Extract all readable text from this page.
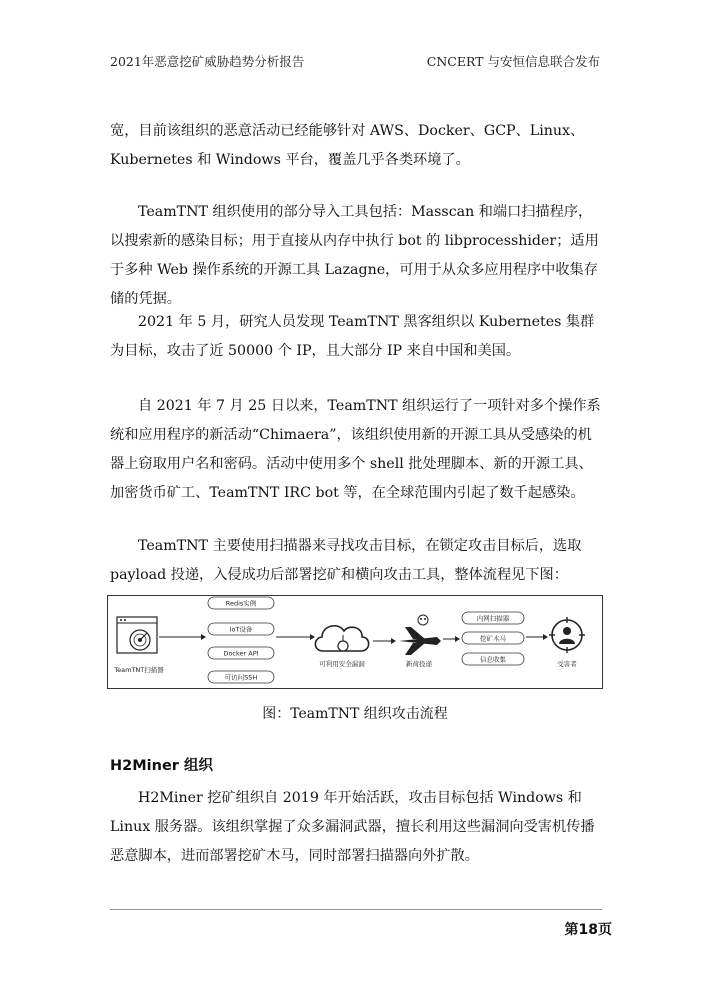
2021年恶意挖矿威胁趋势分析报告	CNCERT 与安恒信息联合发布

宽，目前该组织的恶意活动已经能够针对 AWS、Docker、GCP、Linux、Kubernetes 和 Windows 平台，覆盖几乎各类环境了。

TeamTNT 组织使用的部分导入工具包括：Masscan 和端口扫描程序，以搜索新的感染目标；用于直接从内存中执行 bot 的 libprocesshider；适用于多种 Web 操作系统的开源工具 Lazagne，可用于从众多应用程序中收集存储的凭据。

2021 年 5 月，研究人员发现 TeamTNT 黑客组织以 Kubernetes 集群为目标，攻击了近 50000 个 IP，且大部分 IP 来自中国和美国。

自 2021 年 7 月 25 日以来，TeamTNT 组织运行了一项针对多个操作系统和应用程序的新活动“Chimaera”，该组织使用新的开源工具从受感染的机器上窃取用户名和密码。活动中使用多个 shell 批处理脚本、新的开源工具、加密货币矿工、TeamTNT IRC bot 等，在全球范围内引起了数千起感染。

TeamTNT 主要使用扫描器来寻找攻击目标，在锁定攻击目标后，选取 payload 投递，入侵成功后部署挖矿和横向攻击工具，整体流程见下图：

TeamTNT扫描器
Redis实例
IoT设备
Docker API
可访问SSH
可利用安全漏洞	新荷投递
内网扫描器
挖矿木马
信息收集
受害者
图：TeamTNT 组织攻击流程
H2Miner 组织

H2Miner 挖矿组织自 2019 年开始活跃，攻击目标包括 Windows 和 Linux 服务器。该组织掌握了众多漏洞武器，擅长利用这些漏洞向受害机传播恶意脚本，进而部署挖矿木马，同时部署扫描器向外扩散。

第18页
